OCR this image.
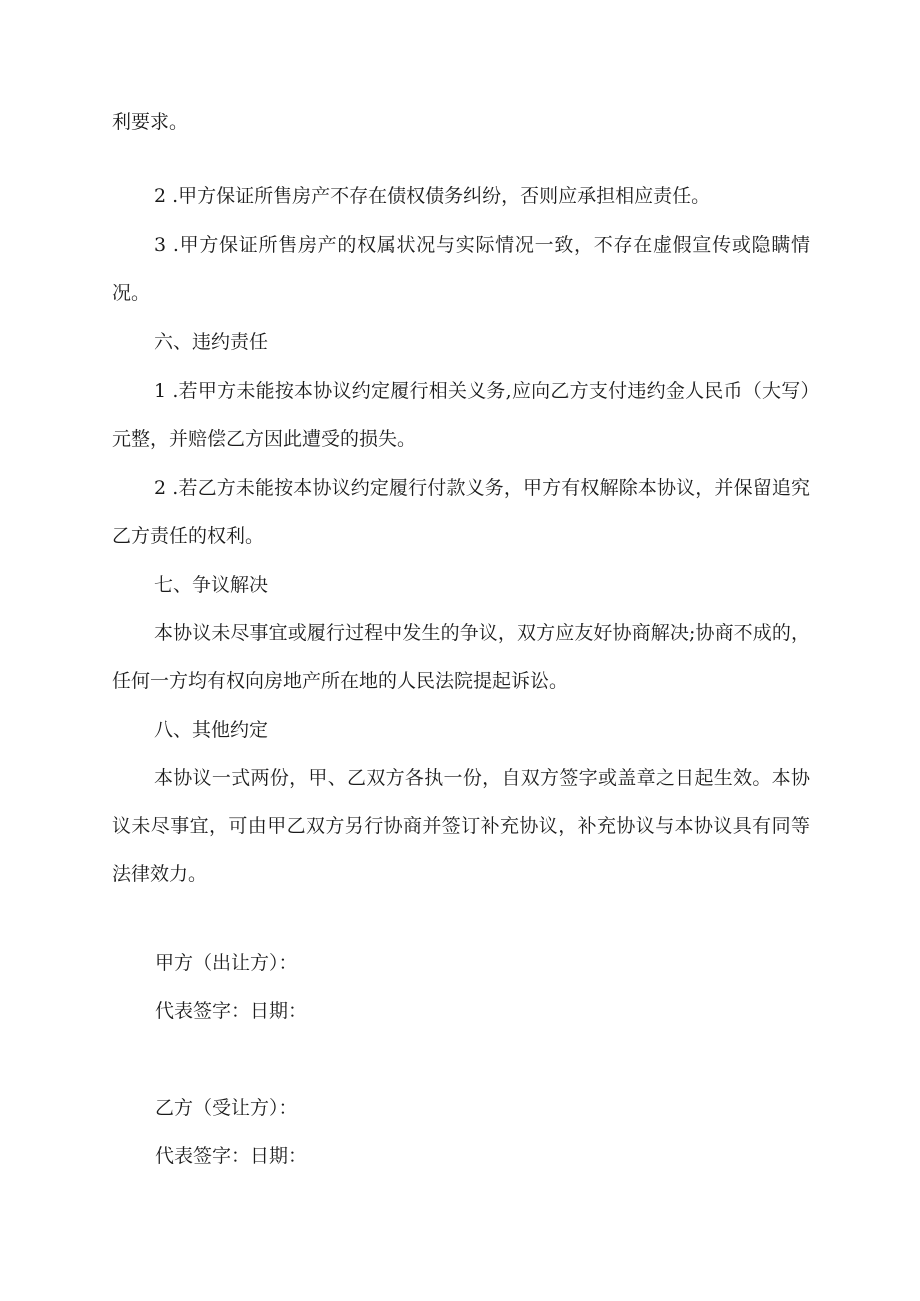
利要求。

2 .甲方保证所售房产不存在债权债务纠纷，否则应承担相应责任。

3 .甲方保证所售房产的权属状况与实际情况一致，不存在虚假宣传或隐瞒情况。

六、违约责任

1 .若甲方未能按本协议约定履行相关义务,应向乙方支付违约金人民币（大写）元整，并赔偿乙方因此遭受的损失。

2 .若乙方未能按本协议约定履行付款义务，甲方有权解除本协议，并保留追究乙方责任的权利。

七、争议解决

本协议未尽事宜或履行过程中发生的争议，双方应友好协商解决;协商不成的，任何一方均有权向房地产所在地的人民法院提起诉讼。

八、其他约定

本协议一式两份，甲、乙双方各执一份，自双方签字或盖章之日起生效。本协议未尽事宜，可由甲乙双方另行协商并签订补充协议，补充协议与本协议具有同等法律效力。

甲方（出让方）：
代表签字：日期：
乙方（受让方）：
代表签字：日期：
